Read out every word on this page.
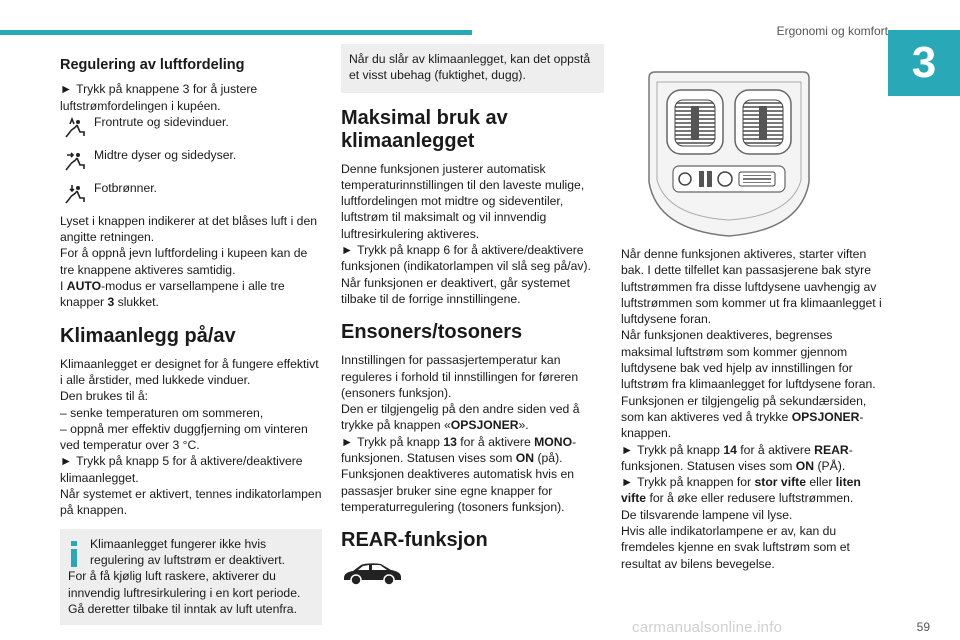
Ergonomi og komfort
3
Regulering av luftfordeling

► Trykk på knappene 3 for å justere luftstrømfordelingen i kupéen.

Frontrute og sidevinduer.
Midtre dyser og sidedyser.
Fotbrønner.

Lyset i knappen indikerer at det blåses luft i den angitte retningen.

For å oppnå jevn luftfordeling i kupeen kan de tre knappene aktiveres samtidig.

I AUTO-modus er varsellampene i alle tre knapper 3 slukket.

Klimaanlegg på/av

Klimaanlegget er designet for å fungere effektivt i alle årstider, med lukkede vinduer.

Den brukes til å:

– senke temperaturen om sommeren,

– oppnå mer effektiv duggfjerning om vinteren ved temperatur over 3 °C.

► Trykk på knapp 5 for å aktivere/deaktivere klimaanlegget.

Når systemet er aktivert, tennes indikatorlampen på knappen.

Klimaanlegget fungerer ikke hvis regulering av luftstrøm er deaktivert.

For å få kjølig luft raskere, aktiverer du innvendig luftresirkulering i en kort periode. Gå deretter tilbake til inntak av luft utenfra.

Når du slår av klimaanlegget, kan det oppstå et visst ubehag (fuktighet, dugg).
Maksimal bruk av klimaanlegget

Denne funksjonen justerer automatisk temperaturinnstillingen til den laveste mulige, luftfordelingen mot midtre og sideventiler, luftstrøm til maksimalt og vil innvendig luftresirkulering aktiveres.

► Trykk på knapp 6 for å aktivere/deaktivere funksjonen (indikatorlampen vil slå seg på/av).

Når funksjonen er deaktivert, går systemet tilbake til de forrige innstillingene.

Ensoners/tosoners

Innstillingen for passasjertemperatur kan reguleres i forhold til innstillingen for føreren (ensoners funksjon).

Den er tilgjengelig på den andre siden ved å trykke på knappen «OPSJONER».

► Trykk på knapp 13 for å aktivere MONO-funksjonen. Statusen vises som ON (på).

Funksjonen deaktiveres automatisk hvis en passasjer bruker sine egne knapper for temperaturregulering (tosoners funksjon).

REAR-funksjon

Når denne funksjonen aktiveres, starter viften bak. I dette tilfellet kan passasjerene bak styre luftstrømmen fra disse luftdysene uavhengig av luftstrømmen som kommer ut fra klimaanlegget i luftdysene foran.

Når funksjonen deaktiveres, begrenses maksimal luftstrøm som kommer gjennom luftdysene bak ved hjelp av innstillingen for luftstrøm fra klimaanlegget for luftdysene foran.

Funksjonen er tilgjengelig på sekundærsiden, som kan aktiveres ved å trykke OPSJONER-knappen.

► Trykk på knapp 14 for å aktivere REAR-funksjonen. Statusen vises som ON (PÅ).

► Trykk på knappen for stor vifte eller liten vifte for å øke eller redusere luftstrømmen.

De tilsvarende lampene vil lyse.

Hvis alle indikatorlampene er av, kan du fremdeles kjenne en svak luftstrøm som et resultat av bilens bevegelse.

carmanualsonline.info	59
